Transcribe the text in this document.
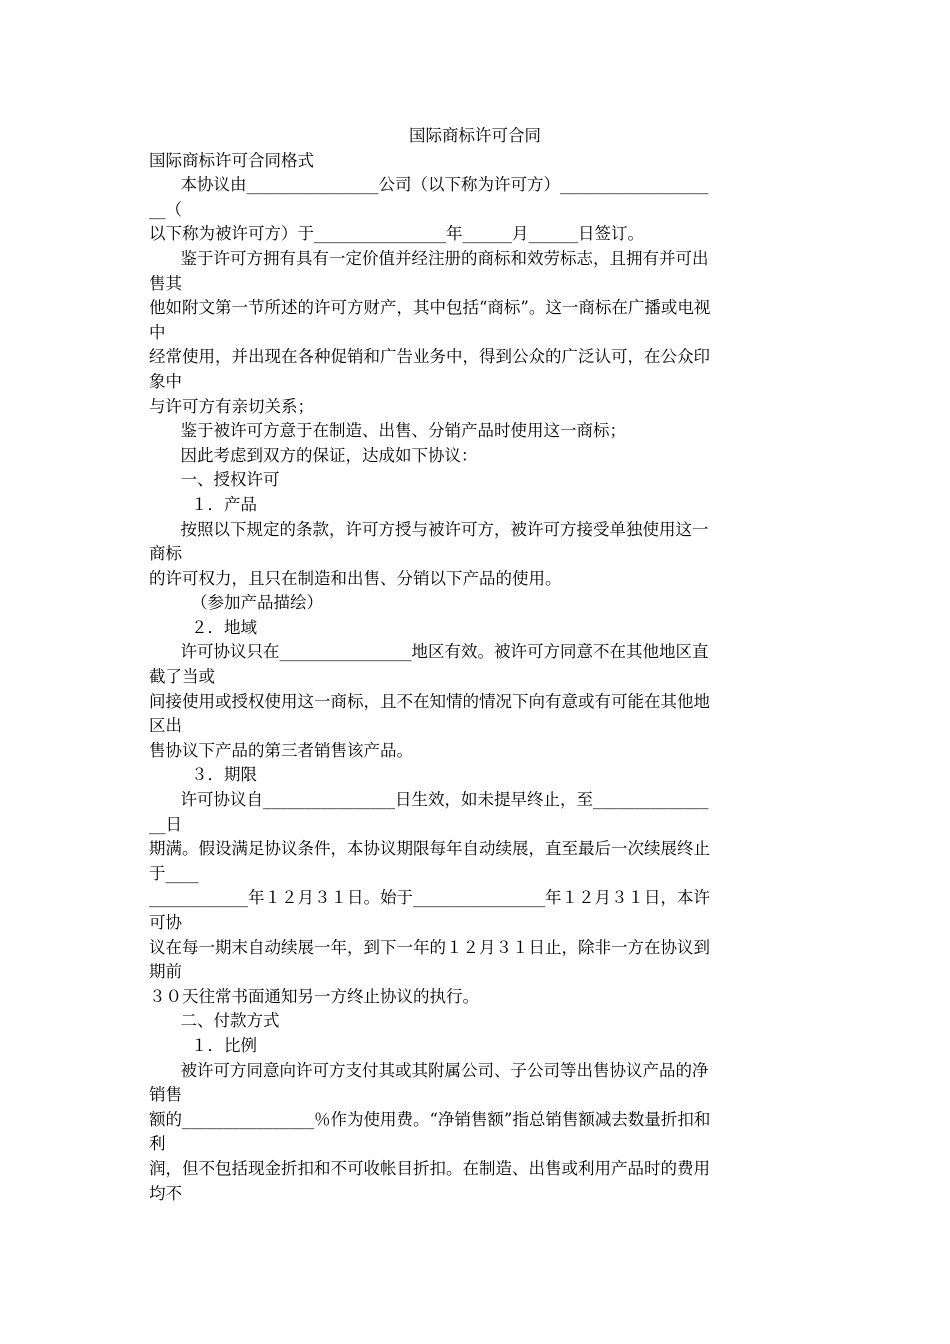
国际商标许可合同
国际商标许可合同格式
本协议由________________公司（以下称为许可方）__________________
__（
以下称为被许可方）于________________年______月______日签订。
鉴于许可方拥有具有一定价值并经注册的商标和效劳标志，且拥有并可出
售其
他如附文第一节所述的许可方财产，其中包括“商标”。这一商标在广播或电视
中
经常使用，并出现在各种促销和广告业务中，得到公众的广泛认可，在公众印
象中
与许可方有亲切关系；
鉴于被许可方意于在制造、出售、分销产品时使用这一商标；
因此考虑到双方的保证，达成如下协议：
一、授权许可
１．产品
按照以下规定的条款，许可方授与被许可方，被许可方接受单独使用这一
商标
的许可权力，且只在制造和出售、分销以下产品的使用。
（参加产品描绘）
２．地域
许可协议只在________________地区有效。被许可方同意不在其他地区直
截了当或
间接使用或授权使用这一商标，且不在知情的情况下向有意或有可能在其他地
区出
售协议下产品的第三者销售该产品。
３．期限
许可协议自________________日生效，如未提早终止，至______________
__日
期满。假设满足协议条件，本协议期限每年自动续展，直至最后一次续展终止
于____
____________年１２月３１日。始于________________年１２月３１日，本许
可协
议在每一期末自动续展一年，到下一年的１２月３１日止，除非一方在协议到
期前
３０天往常书面通知另一方终止协议的执行。
二、付款方式
１．比例
被许可方同意向许可方支付其或其附属公司、子公司等出售协议产品的净
销售
额的________________％作为使用费。“净销售额”指总销售额减去数量折扣和
利
润，但不包括现金折扣和不可收帐目折扣。在制造、出售或利用产品时的费用
均不
